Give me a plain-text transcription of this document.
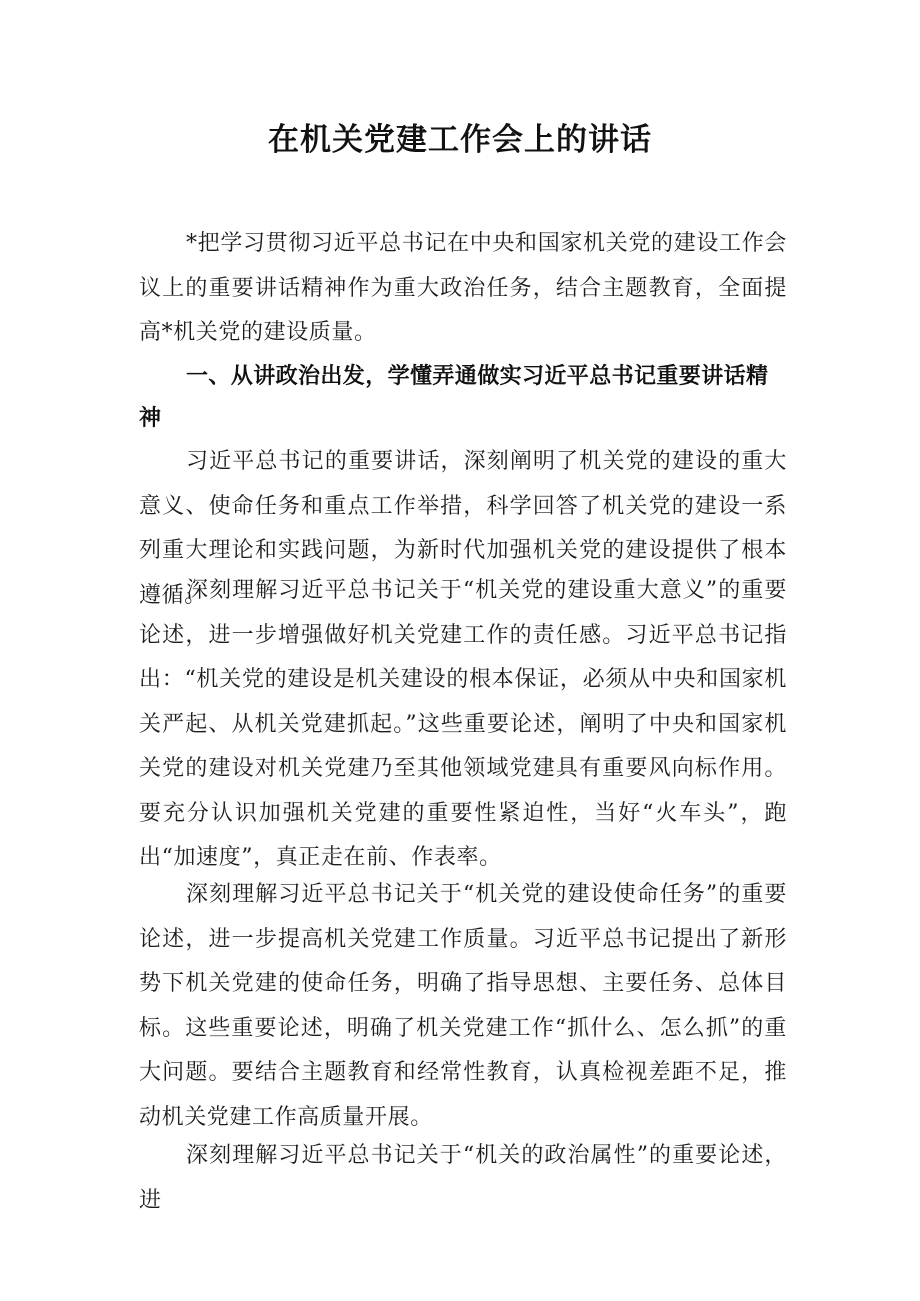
在机关党建工作会上的讲话

*把学习贯彻习近平总书记在中央和国家机关党的建设工作会议上的重要讲话精神作为重大政治任务，结合主题教育，全面提高*机关党的建设质量。

一、从讲政治出发，学懂弄通做实习近平总书记重要讲话精神

习近平总书记的重要讲话，深刻阐明了机关党的建设的重大意义、使命任务和重点工作举措，科学回答了机关党的建设一系列重大理论和实践问题，为新时代加强机关党的建设提供了根本遵循。

深刻理解习近平总书记关于“机关党的建设重大意义”的重要论述，进一步增强做好机关党建工作的责任感。习近平总书记指出：“机关党的建设是机关建设的根本保证，必须从中央和国家机关严起、从机关党建抓起。”这些重要论述，阐明了中央和国家机关党的建设对机关党建乃至其他领域党建具有重要风向标作用。要充分认识加强机关党建的重要性紧迫性，当好“火车头”，跑出“加速度”，真正走在前、作表率。

深刻理解习近平总书记关于“机关党的建设使命任务”的重要论述，进一步提高机关党建工作质量。习近平总书记提出了新形势下机关党建的使命任务，明确了指导思想、主要任务、总体目标。这些重要论述，明确了机关党建工作“抓什么、怎么抓”的重大问题。要结合主题教育和经常性教育，认真检视差距不足，推动机关党建工作高质量开展。

深刻理解习近平总书记关于“机关的政治属性”的重要论述，进
